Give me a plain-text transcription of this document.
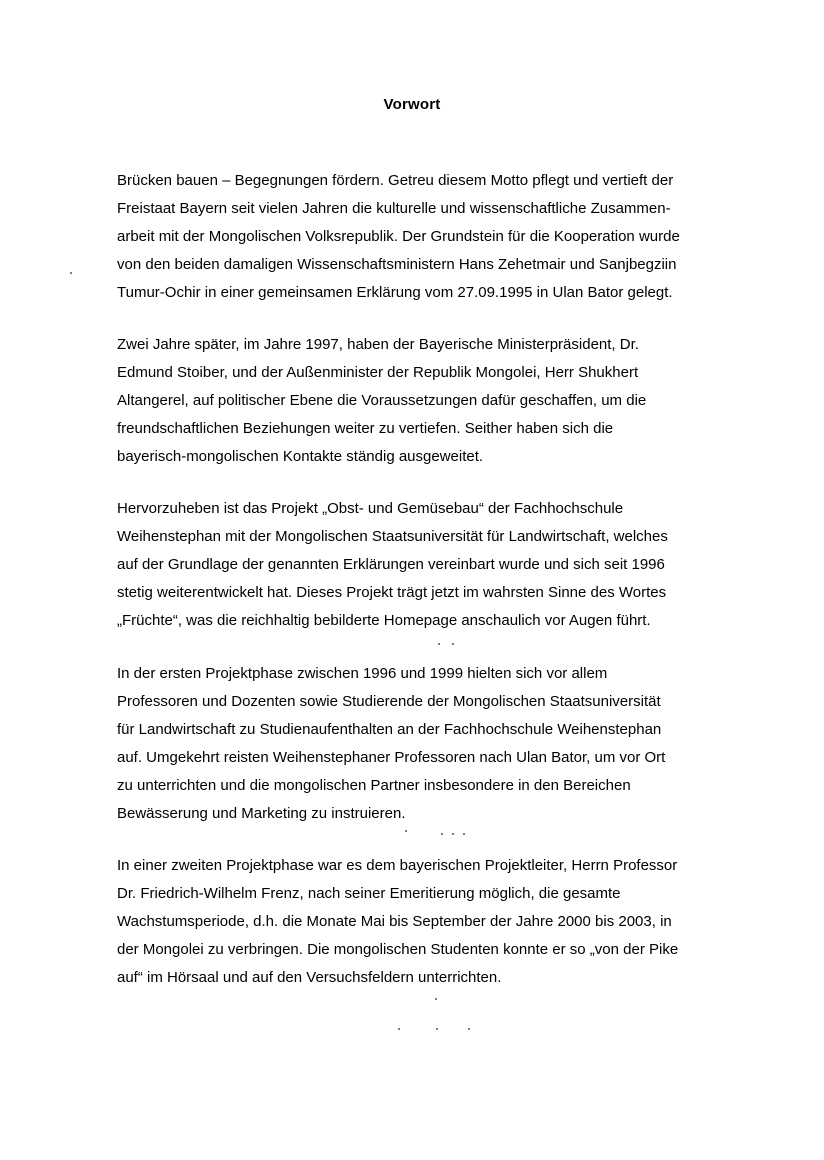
Vorwort
Brücken bauen – Begegnungen fördern. Getreu diesem Motto pflegt und vertieft der
Freistaat Bayern seit vielen Jahren die kulturelle und wissenschaftliche Zusammen-
arbeit mit der Mongolischen Volksrepublik. Der Grundstein für die Kooperation wurde
von den beiden damaligen Wissenschaftsministern Hans Zehetmair und Sanjbegziin
Tumur-Ochir in einer gemeinsamen Erklärung vom 27.09.1995 in Ulan Bator gelegt.
Zwei Jahre später, im Jahre 1997, haben der Bayerische Ministerpräsident, Dr.
Edmund Stoiber, und der Außenminister der Republik Mongolei, Herr Shukhert
Altangerel, auf politischer Ebene die Voraussetzungen dafür geschaffen, um die
freundschaftlichen Beziehungen weiter zu vertiefen. Seither haben sich die
bayerisch-mongolischen Kontakte ständig ausgeweitet.
Hervorzuheben ist das Projekt „Obst- und Gemüsebau“ der Fachhochschule
Weihenstephan mit der Mongolischen Staatsuniversität für Landwirtschaft, welches
auf der Grundlage der genannten Erklärungen vereinbart wurde und sich seit 1996
stetig weiterentwickelt hat. Dieses Projekt trägt jetzt im wahrsten Sinne des Wortes
„Früchte“, was die reichhaltig bebilderte Homepage anschaulich vor Augen führt.
In der ersten Projektphase zwischen 1996 und 1999 hielten sich vor allem
Professoren und Dozenten sowie Studierende der Mongolischen Staatsuniversität
für Landwirtschaft zu Studienaufenthalten an der Fachhochschule Weihenstephan
auf. Umgekehrt reisten Weihenstephaner Professoren nach Ulan Bator, um vor Ort
zu unterrichten und die mongolischen Partner insbesondere in den Bereichen
Bewässerung und Marketing zu instruieren.
In einer zweiten Projektphase war es dem bayerischen Projektleiter, Herrn Professor
Dr. Friedrich-Wilhelm Frenz, nach seiner Emeritierung möglich, die gesamte
Wachstumsperiode, d.h. die Monate Mai bis September der Jahre 2000 bis 2003, in
der Mongolei zu verbringen. Die mongolischen Studenten konnte er so „von der Pike
auf“ im Hörsaal und auf den Versuchsfeldern unterrichten.
